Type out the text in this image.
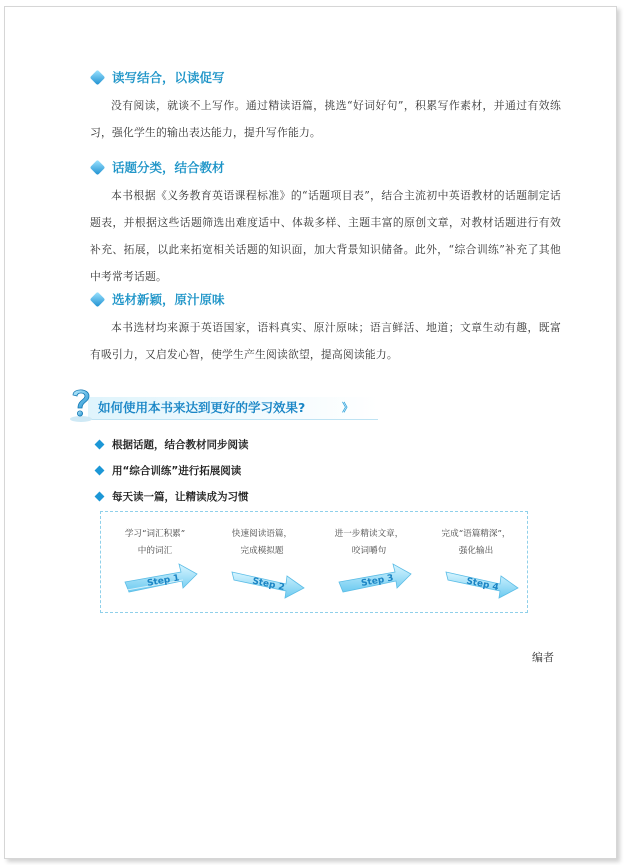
读写结合，以读促写
没有阅读，就谈不上写作。通过精读语篇，挑选“好词好句”，积累写作素材，并通过有效练习，强化学生的输出表达能力，提升写作能力。
话题分类，结合教材
本书根据《义务教育英语课程标准》的“话题项目表”，结合主流初中英语教材的话题制定话题表，并根据这些话题筛选出难度适中、体裁多样、主题丰富的原创文章，对教材话题进行有效补充、拓展，以此来拓宽相关话题的知识面，加大背景知识储备。此外，“综合训练”补充了其他中考常考话题。
选材新颖，原汁原味
本书选材均来源于英语国家，语料真实、原汁原味；语言鲜活、地道；文章生动有趣，既富有吸引力，又启发心智，使学生产生阅读欲望，提高阅读能力。
如何使用本书来达到更好的学习效果?	》
根据话题，结合教材同步阅读
用“综合训练”进行拓展阅读
每天读一篇，让精读成为习惯
学习“词汇积累”
中的词汇
Step 1
快速阅读语篇，
完成模拟题
Step 2
进一步精读文章，
咬词嚼句
Step 3
完成“语篇精深”，
强化输出
Step 4
编者
